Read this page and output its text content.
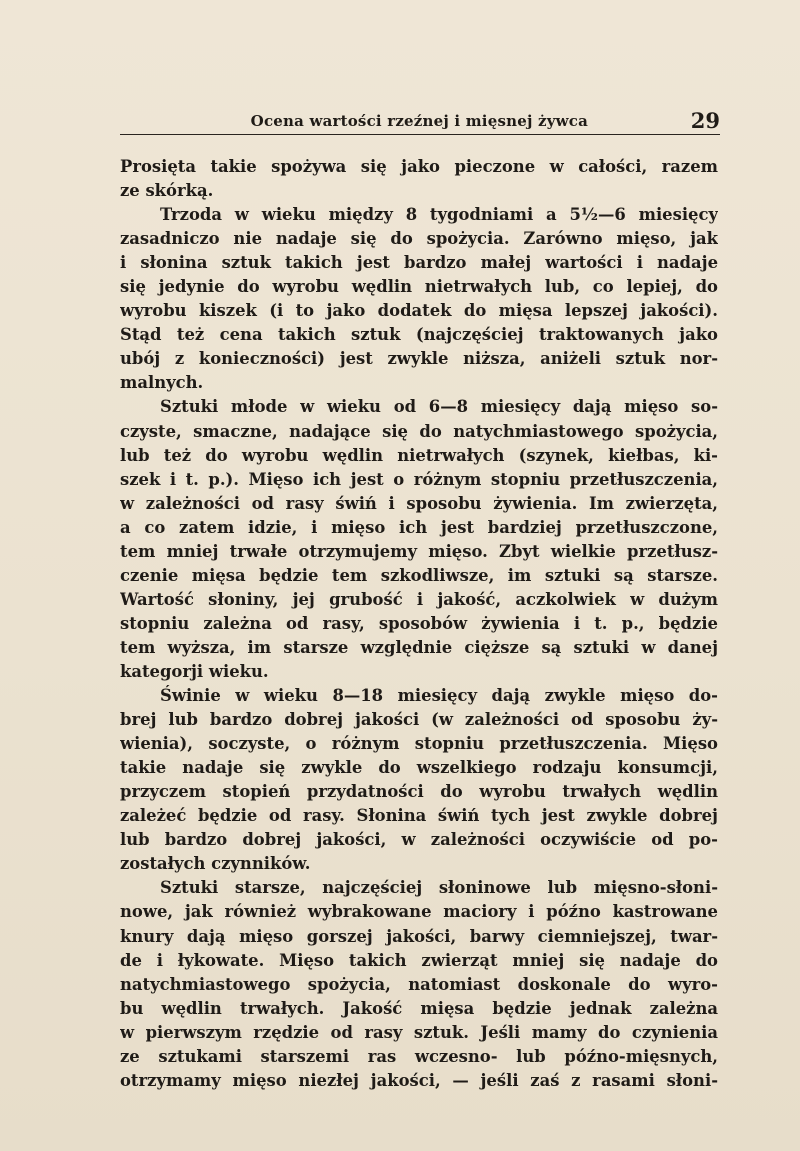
Ocena wartości rzeźnej i mięsnej żywca	29
Prosięta takie spożywa się jako pieczone w całości, razem
ze skórką.
Trzoda w wieku między 8 tygodniami a 5½—6 miesięcy
zasadniczo nie nadaje się do spożycia. Zarówno mięso, jak
i słonina sztuk takich jest bardzo małej wartości i nadaje
się jedynie do wyrobu wędlin nietrwałych lub, co lepiej, do
wyrobu kiszek (i to jako dodatek do mięsa lepszej jakości).
Stąd też cena takich sztuk (najczęściej traktowanych jako
ubój z konieczności) jest zwykle niższa, aniżeli sztuk nor-
malnych.
Sztuki młode w wieku od 6—8 miesięcy dają mięso so-
czyste, smaczne, nadające się do natychmiastowego spożycia,
lub też do wyrobu wędlin nietrwałych (szynek, kiełbas, ki-
szek i t. p.). Mięso ich jest o różnym stopniu przetłuszczenia,
w zależności od rasy świń i sposobu żywienia. Im zwierzęta,
a co zatem idzie, i mięso ich jest bardziej przetłuszczone,
tem mniej trwałe otrzymujemy mięso. Zbyt wielkie przetłusz-
czenie mięsa będzie tem szkodliwsze, im sztuki są starsze.
Wartość słoniny, jej grubość i jakość, aczkolwiek w dużym
stopniu zależna od rasy, sposobów żywienia i t. p., będzie
tem wyższa, im starsze względnie cięższe są sztuki w danej
kategorji wieku.
Świnie w wieku 8—18 miesięcy dają zwykle mięso do-
brej lub bardzo dobrej jakości (w zależności od sposobu ży-
wienia), soczyste, o różnym stopniu przetłuszczenia. Mięso
takie nadaje się zwykle do wszelkiego rodzaju konsumcji,
przyczem stopień przydatności do wyrobu trwałych wędlin
zależeć będzie od rasy. Słonina świń tych jest zwykle dobrej
lub bardzo dobrej jakości, w zależności oczywiście od po-
zostałych czynników.
Sztuki starsze, najczęściej słoninowe lub mięsno-słoni-
nowe, jak również wybrakowane maciory i późno kastrowane
knury dają mięso gorszej jakości, barwy ciemniejszej, twar-
de i łykowate. Mięso takich zwierząt mniej się nadaje do
natychmiastowego spożycia, natomiast doskonale do wyro-
bu wędlin trwałych. Jakość mięsa będzie jednak zależna
w pierwszym rzędzie od rasy sztuk. Jeśli mamy do czynienia
ze sztukami starszemi ras wczesno- lub późno-mięsnych,
otrzymamy mięso niezłej jakości, — jeśli zaś z rasami słoni-
